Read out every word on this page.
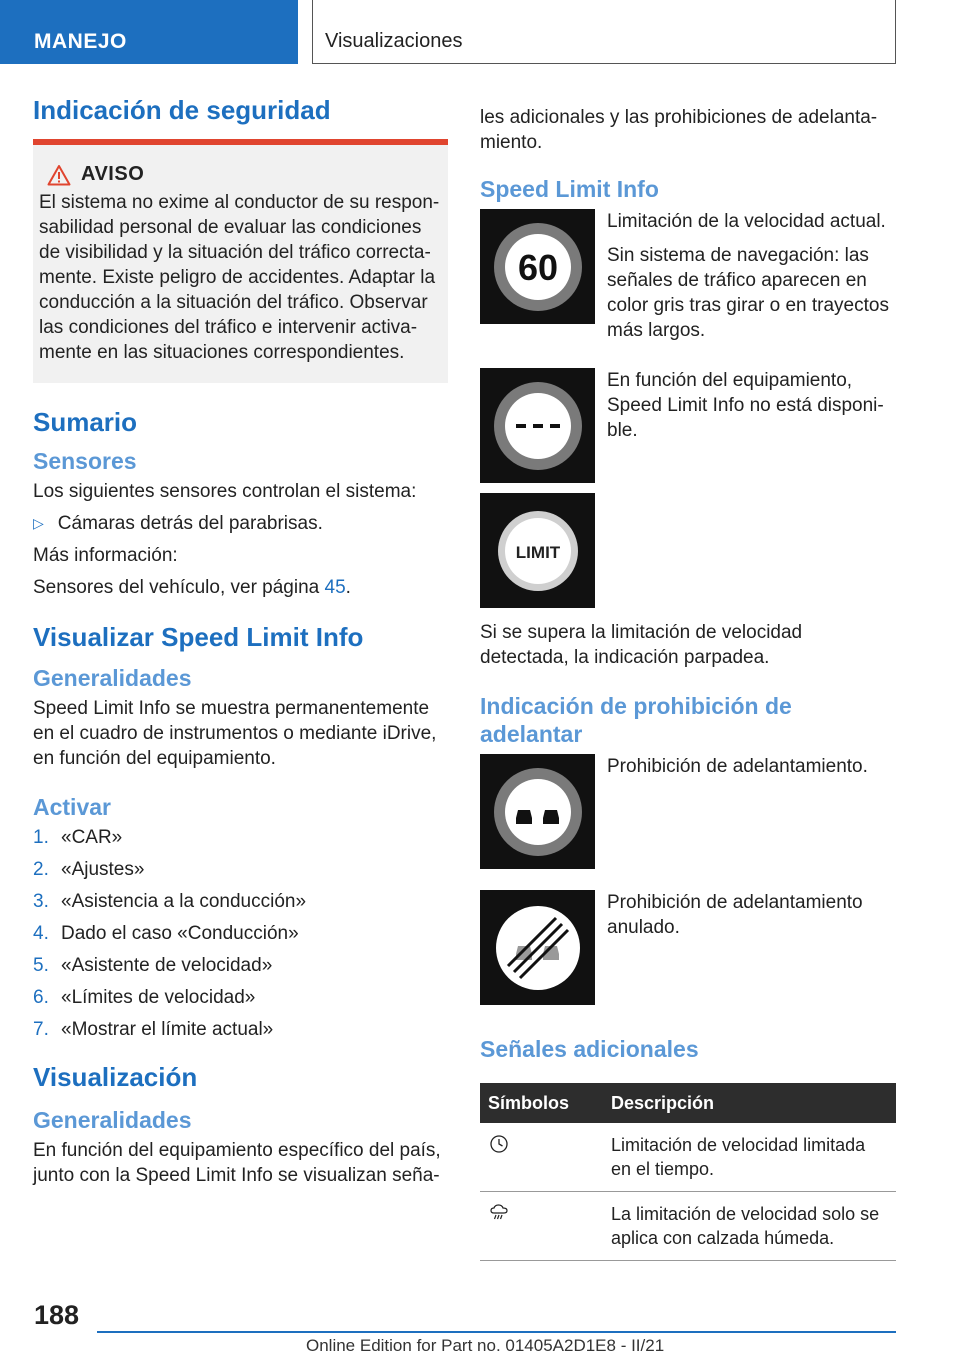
MANEJO	Visualizaciones
Indicación de seguridad
AVISO

El sistema no exime al conductor de su respon-sabilidad personal de evaluar las condiciones de visibilidad y la situación del tráfico correcta-mente. Existe peligro de accidentes. Adaptar la conducción a la situación del tráfico. Observar las condiciones del tráfico e intervenir activa-mente en las situaciones correspondientes.

Sumario
Sensores

Los siguientes sensores controlan el sistema:

▷ Cámaras detrás del parabrisas.

Más información:

Sensores del vehículo, ver página 45.

Visualizar Speed Limit Info
Generalidades

Speed Limit Info se muestra permanentemente en el cuadro de instrumentos o mediante iDrive, en función del equipamiento.

Activar
1. «CAR»
2. «Ajustes»
3. «Asistencia a la conducción»
4. Dado el caso «Conducción»
5. «Asistente de velocidad»
6. «Límites de velocidad»
7. «Mostrar el límite actual»
Visualización
Generalidades

En función del equipamiento específico del país, junto con la Speed Limit Info se visualizan seña-

les adicionales y las prohibiciones de adelanta-miento.

Speed Limit Info
60

Limitación de la velocidad actual.

Sin sistema de navegación: las señales de tráfico aparecen en color gris tras girar o en trayectos más largos.

En función del equipamiento, Speed Limit Info no está disponi-ble.

LIMIT

Si se supera la limitación de velocidad detectada, la indicación parpadea.

Indicación de prohibición de adelantar

Prohibición de adelantamiento.

Prohibición de adelantamiento anulado.

Señales adicionales
Símbolos	Descripción
	Limitación de velocidad limitada en el tiempo.
	La limitación de velocidad solo se aplica con calzada húmeda.
188
Online Edition for Part no. 01405A2D1E8 - II/21
